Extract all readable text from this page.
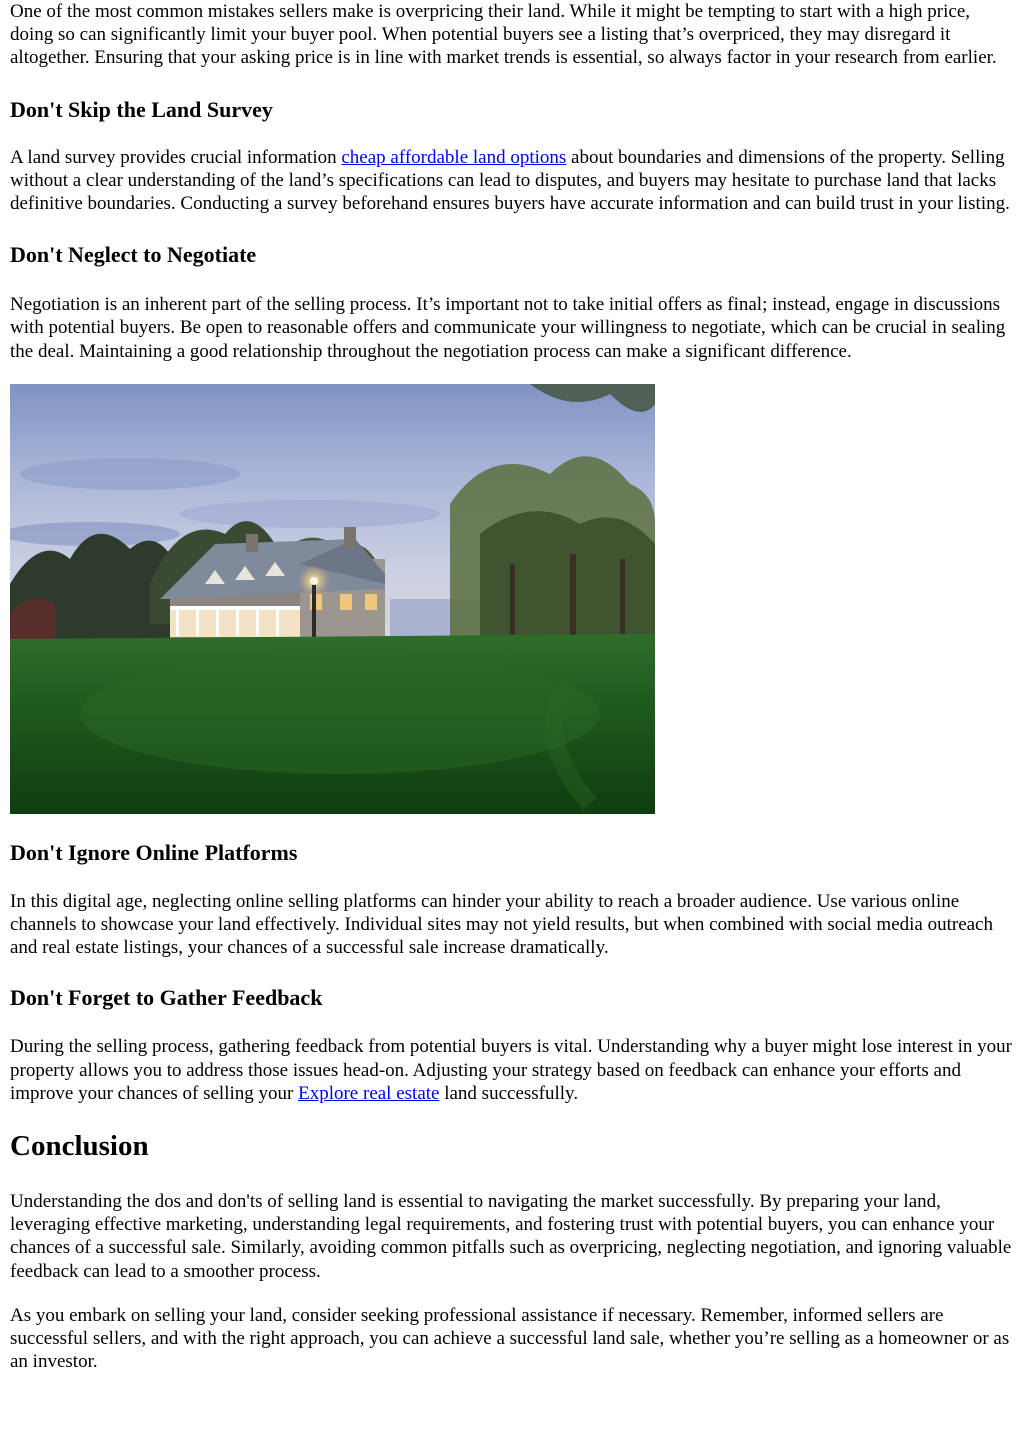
One of the most common mistakes sellers make is overpricing their land. While it might be tempting to start with a high price, doing so can significantly limit your buyer pool. When potential buyers see a listing that’s overpriced, they may disregard it altogether. Ensuring that your asking price is in line with market trends is essential, so always factor in your research from earlier.

Don't Skip the Land Survey

A land survey provides crucial information cheap affordable land options about boundaries and dimensions of the property. Selling without a clear understanding of the land’s specifications can lead to disputes, and buyers may hesitate to purchase land that lacks definitive boundaries. Conducting a survey beforehand ensures buyers have accurate information and can build trust in your listing.

Don't Neglect to Negotiate

Negotiation is an inherent part of the selling process. It’s important not to take initial offers as final; instead, engage in discussions with potential buyers. Be open to reasonable offers and communicate your willingness to negotiate, which can be crucial in sealing the deal. Maintaining a good relationship throughout the negotiation process can make a significant difference.

Don't Ignore Online Platforms

In this digital age, neglecting online selling platforms can hinder your ability to reach a broader audience. Use various online channels to showcase your land effectively. Individual sites may not yield results, but when combined with social media outreach and real estate listings, your chances of a successful sale increase dramatically.

Don't Forget to Gather Feedback

During the selling process, gathering feedback from potential buyers is vital. Understanding why a buyer might lose interest in your property allows you to address those issues head-on. Adjusting your strategy based on feedback can enhance your efforts and improve your chances of selling your Explore real estate land successfully.

Conclusion

Understanding the dos and don'ts of selling land is essential to navigating the market successfully. By preparing your land, leveraging effective marketing, understanding legal requirements, and fostering trust with potential buyers, you can enhance your chances of a successful sale. Similarly, avoiding common pitfalls such as overpricing, neglecting negotiation, and ignoring valuable feedback can lead to a smoother process.

As you embark on selling your land, consider seeking professional assistance if necessary. Remember, informed sellers are successful sellers, and with the right approach, you can achieve a successful land sale, whether you’re selling as a homeowner or as an investor.
